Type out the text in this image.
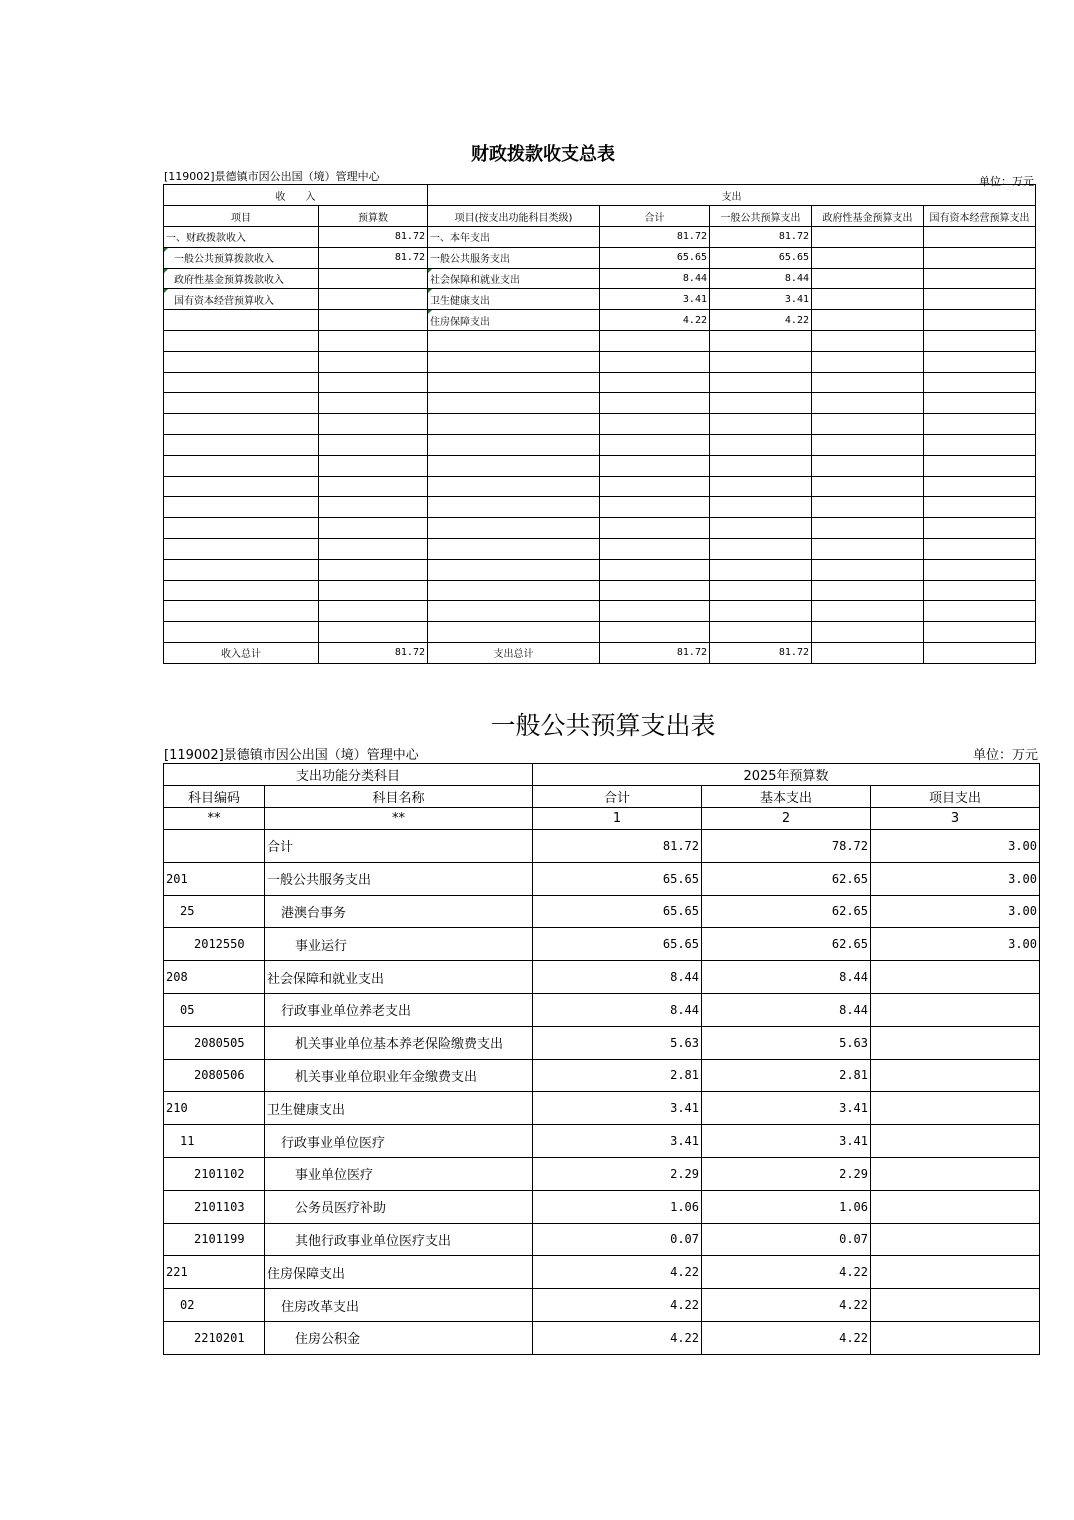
财政拨款收支总表
[119002]景德镇市因公出国（境）管理中心	单位：万元
收　　入		支出				
项目	预算数	项目(按支出功能科目类级)	合计	一般公共预算支出	政府性基金预算支出	国有资本经营预算支出
一、财政拨款收入	81.72	一、本年支出	81.72	81.72		
一般公共预算拨款收入	81.72	一般公共服务支出	65.65	65.65		
政府性基金预算拨款收入		社会保障和就业支出	8.44	8.44		
国有资本经营预算收入		卫生健康支出	3.41	3.41		
		住房保障支出	4.22	4.22		

收入总计	81.72	支出总计	81.72	81.72		
一般公共预算支出表
[119002]景德镇市因公出国（境）管理中心	单位：万元
支出功能分类科目		2025年预算数		
科目编码	科目名称	合计	基本支出	项目支出
**	**	1	2	3
	合计	81.72	78.72	3.00
201	一般公共服务支出	65.65	62.65	3.00
25	港澳台事务	65.65	62.65	3.00
2012550	事业运行	65.65	62.65	3.00
208	社会保障和就业支出	8.44	8.44	
05	行政事业单位养老支出	8.44	8.44	
2080505	机关事业单位基本养老保险缴费支出	5.63	5.63	
2080506	机关事业单位职业年金缴费支出	2.81	2.81	
210	卫生健康支出	3.41	3.41	
11	行政事业单位医疗	3.41	3.41	
2101102	事业单位医疗	2.29	2.29	
2101103	公务员医疗补助	1.06	1.06	
2101199	其他行政事业单位医疗支出	0.07	0.07	
221	住房保障支出	4.22	4.22	
02	住房改革支出	4.22	4.22	
2210201	住房公积金	4.22	4.22	
